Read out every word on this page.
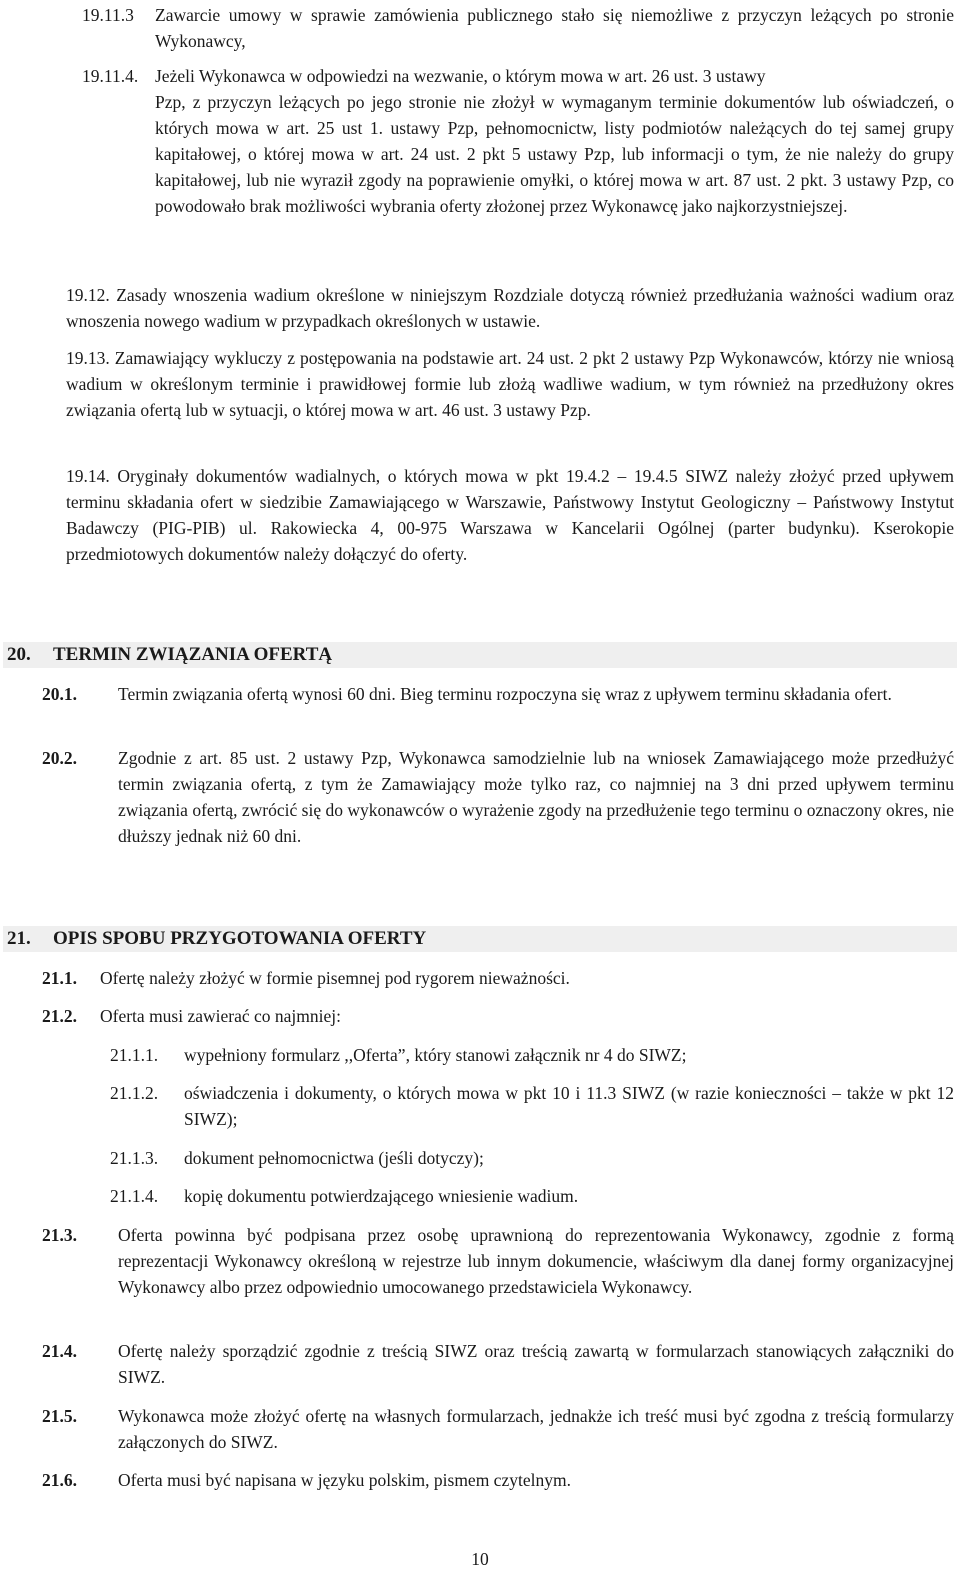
19.11.3	Zawarcie umowy w sprawie zamówienia publicznego stało się niemożliwe z przyczyn leżących po stronie Wykonawcy,
19.11.4. Jeżeli Wykonawca w odpowiedzi na wezwanie, o którym mowa w art. 26 ust. 3 ustawy
Pzp, z przyczyn leżących po jego stronie nie złożył w wymaganym terminie dokumentów lub oświadczeń, o których mowa w art. 25 ust 1. ustawy Pzp, pełnomocnictw, listy podmiotów należących do tej samej grupy kapitałowej, o której mowa w art. 24 ust. 2 pkt 5 ustawy Pzp, lub informacji o tym, że nie należy do grupy kapitałowej, lub nie wyraził zgody na poprawienie omyłki, o której mowa w art. 87 ust. 2 pkt. 3 ustawy Pzp, co powodowało brak możliwości wybrania oferty złożonej przez Wykonawcę jako najkorzystniejszej.
19.12. Zasady wnoszenia wadium określone w niniejszym Rozdziale dotyczą również przedłużania ważności wadium oraz wnoszenia nowego wadium w przypadkach określonych w ustawie.
19.13. Zamawiający wykluczy z postępowania na podstawie art. 24 ust. 2 pkt 2 ustawy Pzp Wykonawców, którzy nie wniosą wadium w określonym terminie i prawidłowej formie lub złożą wadliwe wadium, w tym również na przedłużony okres związania ofertą lub w sytuacji, o której mowa w art. 46 ust. 3 ustawy Pzp.
19.14. Oryginały dokumentów wadialnych, o których mowa w pkt 19.4.2 – 19.4.5 SIWZ należy złożyć przed upływem terminu składania ofert w siedzibie Zamawiającego w Warszawie, Państwowy Instytut Geologiczny – Państwowy Instytut Badawczy (PIG-PIB) ul. Rakowiecka 4, 00-975 Warszawa w Kancelarii Ogólnej (parter budynku). Kserokopie przedmiotowych dokumentów należy dołączyć do oferty.
20. TERMIN ZWIĄZANIA OFERTĄ
20.1.	Termin związania ofertą wynosi 60 dni. Bieg terminu rozpoczyna się wraz z upływem terminu składania ofert.
20.2.	Zgodnie z art. 85 ust. 2 ustawy Pzp, Wykonawca samodzielnie lub na wniosek Zamawiającego może przedłużyć termin związania ofertą, z tym że Zamawiający może tylko raz, co najmniej na 3 dni przed upływem terminu związania ofertą, zwrócić się do wykonawców o wyrażenie zgody na przedłużenie tego terminu o oznaczony okres, nie dłuższy jednak niż 60 dni.
21. OPIS SPOBU PRZYGOTOWANIA OFERTY
21.1.	Ofertę należy złożyć w formie pisemnej pod rygorem nieważności.
21.2.	Oferta musi zawierać co najmniej:
21.1.1.	wypełniony formularz ,,Oferta”, który stanowi załącznik nr 4 do SIWZ;
21.1.2.	oświadczenia i dokumenty, o których mowa w pkt 10 i 11.3 SIWZ (w razie konieczności – także w pkt 12 SIWZ);
21.1.3.	dokument pełnomocnictwa (jeśli dotyczy);
21.1.4.	kopię dokumentu potwierdzającego wniesienie wadium.
21.3.	Oferta powinna być podpisana przez osobę uprawnioną do reprezentowania Wykonawcy, zgodnie z formą reprezentacji Wykonawcy określoną w rejestrze lub innym dokumencie, właściwym dla danej formy organizacyjnej Wykonawcy albo przez odpowiednio umocowanego przedstawiciela Wykonawcy.
21.4.	Ofertę należy sporządzić zgodnie z treścią SIWZ oraz treścią zawartą w formularzach stanowiących załączniki do SIWZ.
21.5.	Wykonawca może złożyć ofertę na własnych formularzach, jednakże ich treść musi być zgodna z treścią formularzy załączonych do SIWZ.
21.6.	Oferta musi być napisana w języku polskim, pismem czytelnym.
10
